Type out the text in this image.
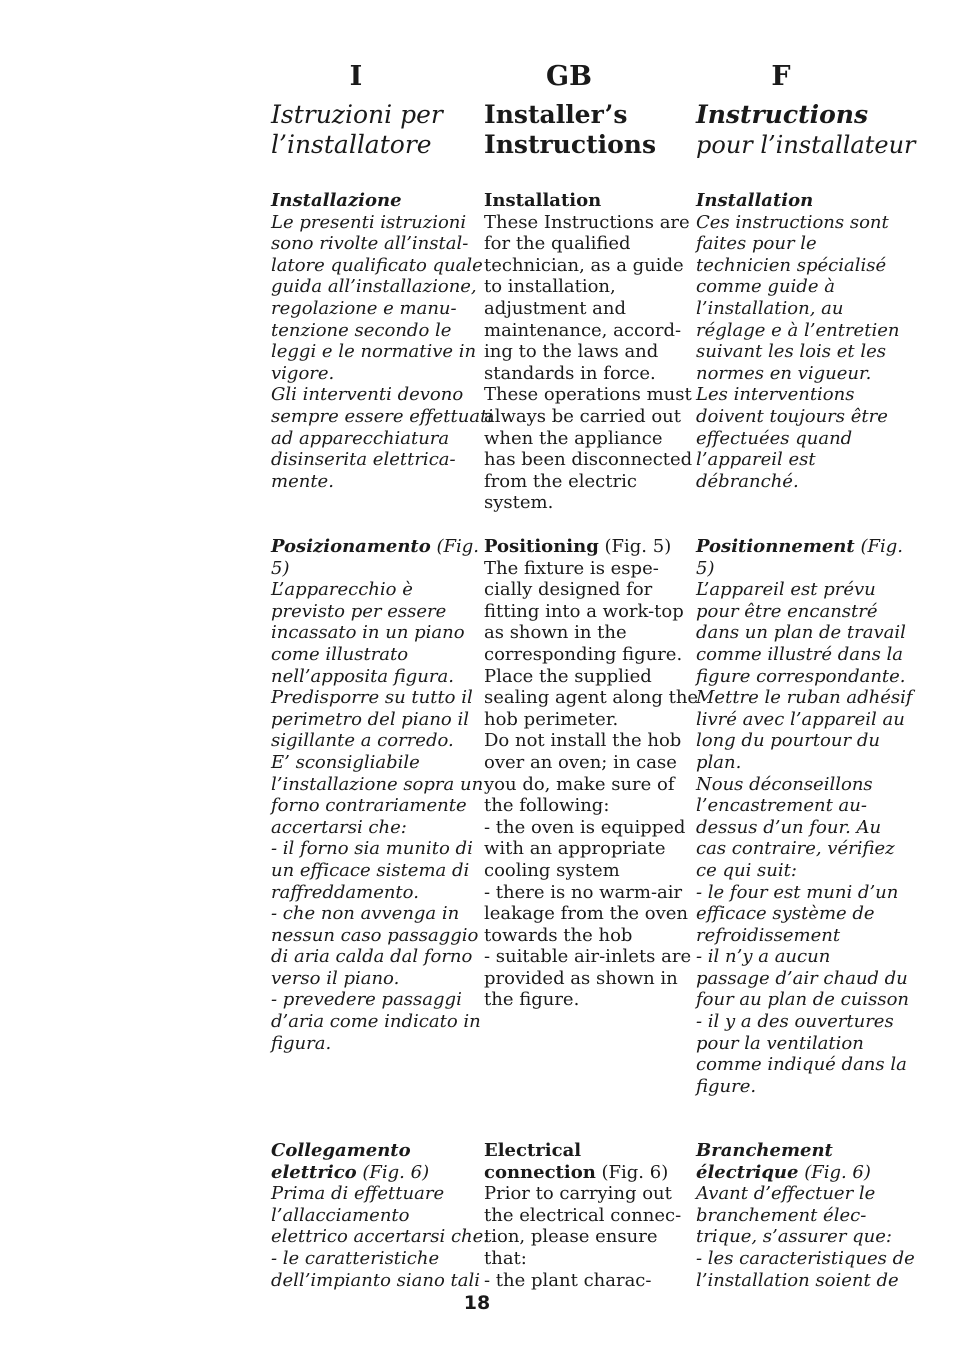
I
Istruzioni per
l’installatore
Installazione
Le presenti istruzioni
sono rivolte all’instal-
latore qualificato quale
guida all’installazione,
regolazione e manu-
tenzione secondo le
leggi e le normative in
vigore.
Gli interventi devono
sempre essere effettuati
ad apparecchiatura
disinserita elettrica-
mente.
Posizionamento (Fig. 5)
L’apparecchio è
previsto per essere
incassato in un piano
come illustrato
nell’apposita figura.
Predisporre su tutto il
perimetro del piano il
sigillante a corredo.
E’ sconsigliabile
l’installazione sopra un
forno contrariamente
accertarsi che:
- il forno sia munito di
un efficace sistema di
raffreddamento.
- che non avvenga in
nessun caso passaggio
di aria calda dal forno
verso il piano.
- prevedere passaggi
d’aria come indicato in
figura.
Collegamento
elettrico (Fig. 6)
Prima di effettuare
l’allacciamento
elettrico accertarsi che:
- le caratteristiche
dell’impianto siano tali
GB
Installer’s
Instructions
Installation
These Instructions are
for the qualified
technician, as a guide
to installation,
adjustment and
maintenance, accord-
ing to the laws and
standards in force.
These operations must
always be carried out
when the appliance
has been disconnected
from the electric
system.
Positioning (Fig. 5)
The fixture is espe-
cially designed for
fitting into a work-top
as shown in the
corresponding figure.
Place the supplied
sealing agent along the
hob perimeter.
Do not install the hob
over an oven; in case
you do, make sure of
the following:
- the oven is equipped
with an appropriate
cooling system
- there is no warm-air
leakage from the oven
towards the hob
- suitable air-inlets are
provided as shown in
the figure.
Electrical
connection (Fig. 6)
Prior to carrying out
the electrical connec-
tion, please ensure
that:
- the plant charac-
F
Instructions
pour l’installateur
Installation
Ces instructions sont
faites pour le
technicien spécialisé
comme guide à
l’installation, au
réglage e à l’entretien
suivant les lois et les
normes en vigueur.
Les interventions
doivent toujours être
effectuées quand
l’appareil est
débranché.
Positionnement (Fig. 5)
L’appareil est prévu
pour être encanstré
dans un plan de travail
comme illustré dans la
figure correspondante.
Mettre le ruban adhésif
livré avec l’appareil au
long du pourtour du
plan.
Nous déconseillons
l’encastrement au-
dessus d’un four. Au
cas contraire, vérifiez
ce qui suit:
- le four est muni d’un
efficace système de
refroidissement
- il n’y a aucun
passage d’air chaud du
four au plan de cuisson
- il y a des ouvertures
pour la ventilation
comme indiqué dans la
figure.
Branchement
électrique (Fig. 6)
Avant d’effectuer le
branchement élec-
trique, s’assurer que:
- les caracteristiques de
l’installation soient de
18
